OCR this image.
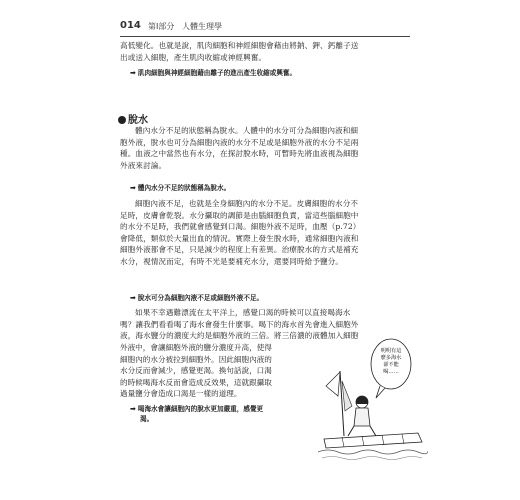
014 第Ⅰ部分 人體生理學
高低變化。也就是說，肌肉細胞和神經細胞會藉由將鈉、鉀、鈣離子送
出或送入細胞，產生肌肉收縮或神經興奮。
➡ 肌肉細胞與神經細胞藉由離子的進出產生收縮或興奮。
脫水
體內水分不足的狀態稱為脫水。人體中的水分可分為細胞內液和細
胞外液，脫水也可分為細胞內液的水分不足或是細胞外液的水分不足兩
種。血液之中當然也有水分，在探討脫水時，可暫時先將血液視為細胞
外液來討論。
➡ 體內水分不足的狀態稱為脫水。
細胞內液不足，也就是全身細胞內的水分不足。皮膚細胞的水分不
足時，皮膚會乾裂。水分攝取的調節是由腦細胞負責，當這些腦細胞中
的水分不足時，我們就會感覺到口渴。細胞外液不足時，血壓（p.72）
會降低，類似於大量出血的情況。實際上發生脫水時，通常細胞內液和
細胞外液都會不足，只是減少的程度上有差異。治療脫水的方式是補充
水分，視情況而定，有時不光是要補充水分，還要同時給予鹽分。
➡ 脫水可分為細胞內液不足或細胞外液不足。
如果不幸遇難漂流在太平洋上，感覺口渴的時候可以直接喝海水
嗎？讓我們看看喝了海水會發生什麼事。喝下的海水首先會進入細胞外
液，海水鹽分的濃度大約是細胞外液的三倍。將三倍濃的液體加入細胞
外液中，會讓細胞外液的鹽分濃度升高，使得
細胞內的水分被拉到細胞外。因此細胞內液的
水分反而會減少，感覺更渴。換句話說，口渴
的時候喝海水反而會造成反效果，這就跟攝取
過量鹽分會造成口渴是一樣的道理。
➡ 喝海水會讓細胞內的脫水更加嚴重，感覺更
渴。
明明有這
麼多海水
卻不能
喝……
